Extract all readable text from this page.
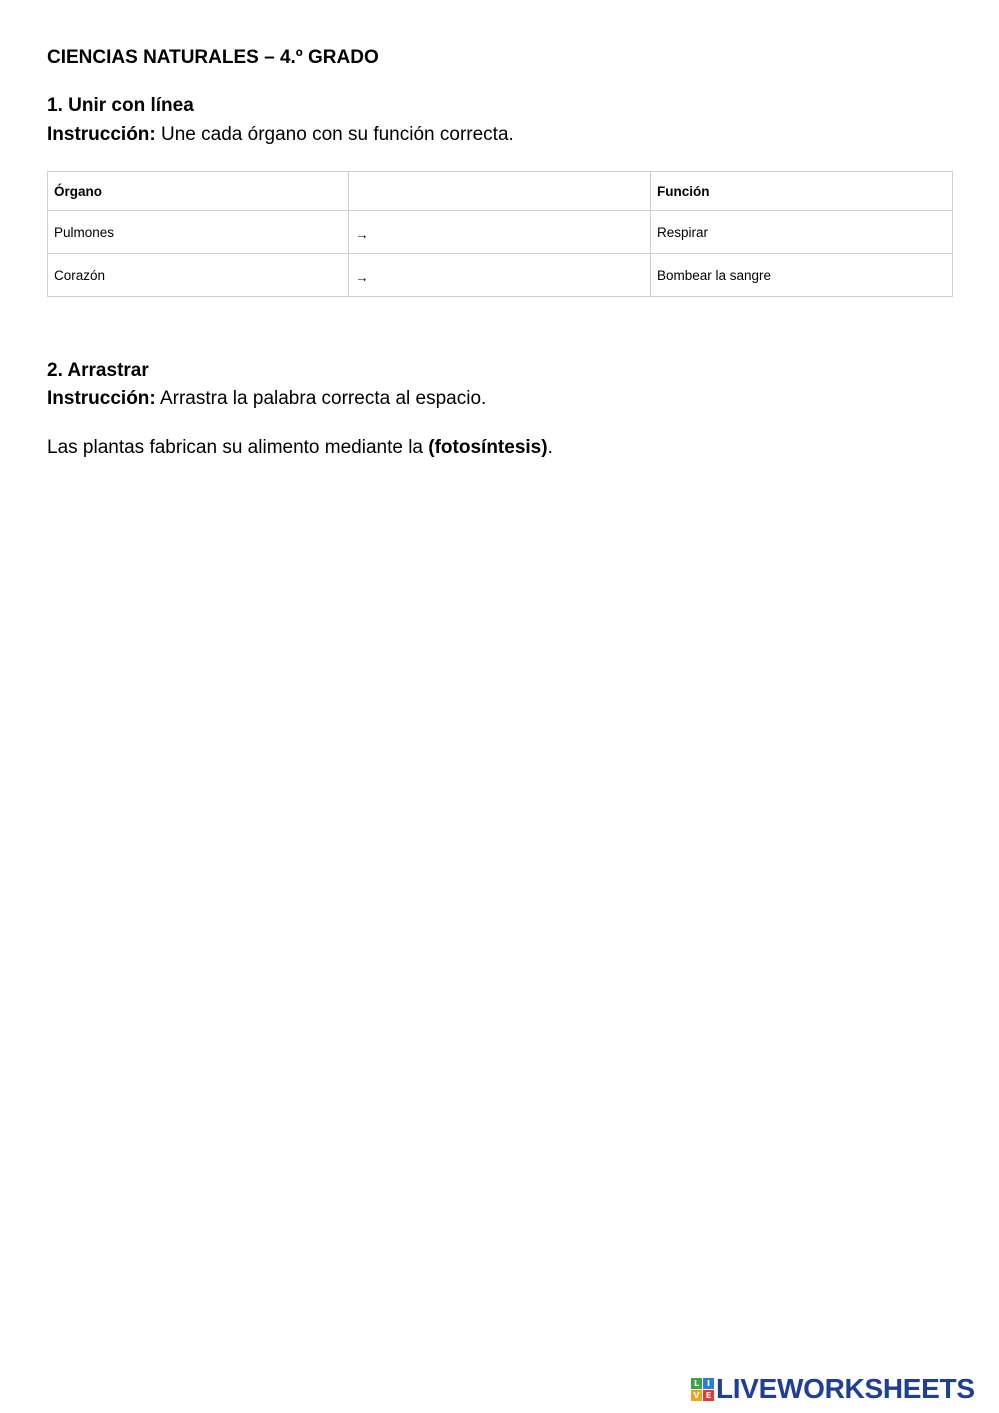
CIENCIAS NATURALES – 4.º GRADO
1. Unir con línea
Instrucción: Une cada órgano con su función correcta.
Órgano		Función
Pulmones	→	Respirar
Corazón	→	Bombear la sangre
2. Arrastrar
Instrucción: Arrastra la palabra correcta al espacio.
Las plantas fabrican su alimento mediante la (fotosíntesis).
L I
V E LIVEWORKSHEETS
